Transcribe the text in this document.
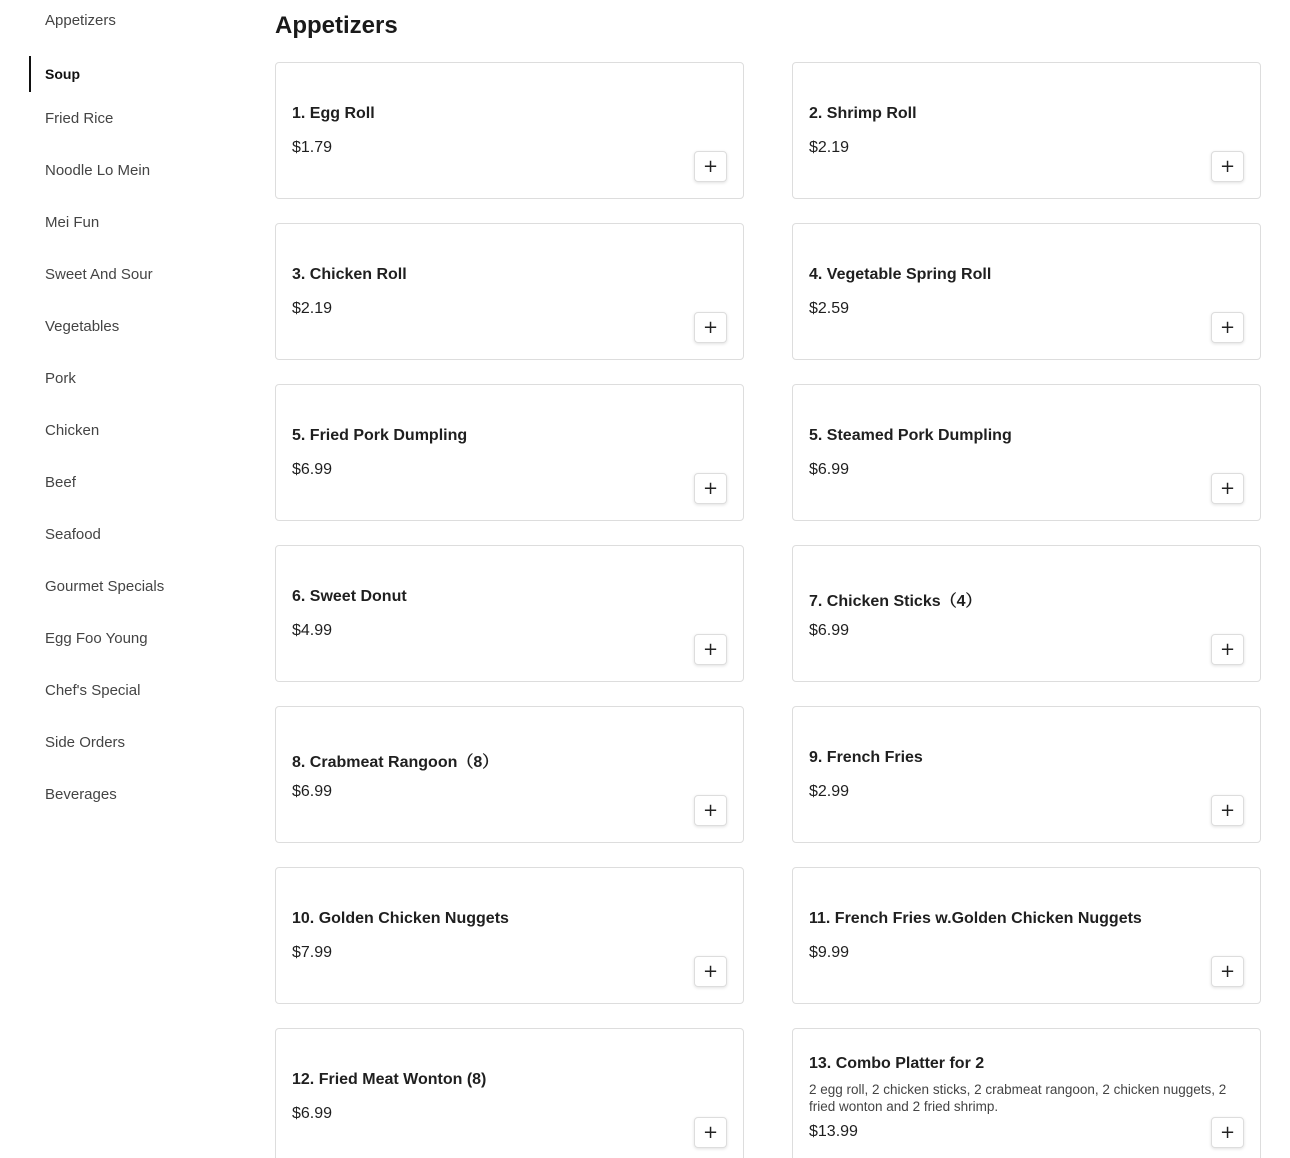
Appetizers
Soup
Fried Rice
Noodle Lo Mein
Mei Fun
Sweet And Sour
Vegetables
Pork
Chicken
Beef
Seafood
Gourmet Specials
Egg Foo Young
Chef's Special
Side Orders
Beverages
Appetizers
1. Egg Roll
$1.79
+
2. Shrimp Roll
$2.19
+
3. Chicken Roll
$2.19
+
4. Vegetable Spring Roll
$2.59
+
5. Fried Pork Dumpling
$6.99
+
5. Steamed Pork Dumpling
$6.99
+
6. Sweet Donut
$4.99
+
7. Chicken Sticks（4）
$6.99
+
8. Crabmeat Rangoon（8）
$6.99
+
9. French Fries
$2.99
+
10. Golden Chicken Nuggets
$7.99
+
11. French Fries w.Golden Chicken Nuggets
$9.99
+
12. Fried Meat Wonton (8)
$6.99
+
13. Combo Platter for 2
2 egg roll, 2 chicken sticks, 2 crabmeat rangoon, 2 chicken nuggets, 2 fried wonton and 2 fried shrimp.
$13.99	+
